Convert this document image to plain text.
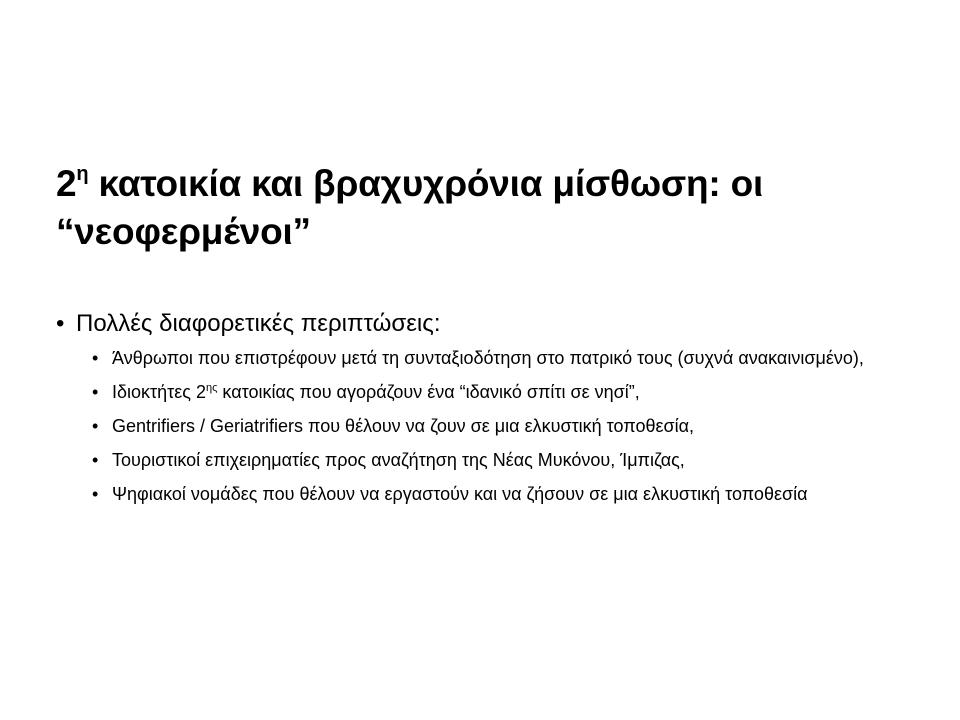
$2^\eta$ κατοικία και βραχυχρόνια μίσθωση: οι “νεοφερμένοι”
• Πολλές διαφορετικές περιπτώσεις:
• Άνθρωποι που επιστρέφουν μετά τη συνταξιοδότηση στο πατρικό τους (συχνά ανακαινισμένο),
• Ιδιοκτήτες $2^{\eta\varsigma}$ κατοικίας που αγοράζουν ένα “ιδανικό σπίτι σε νησί”,
• Gentrifiers / Geriatrifiers που θέλουν να ζουν σε μια ελκυστική τοποθεσία,
• Τουριστικοί επιχειρηματίες προς αναζήτηση της Νέας Μυκόνου, Ίμπιζας,
• Ψηφιακοί νομάδες που θέλουν να εργαστούν και να ζήσουν σε μια ελκυστική τοποθεσία
